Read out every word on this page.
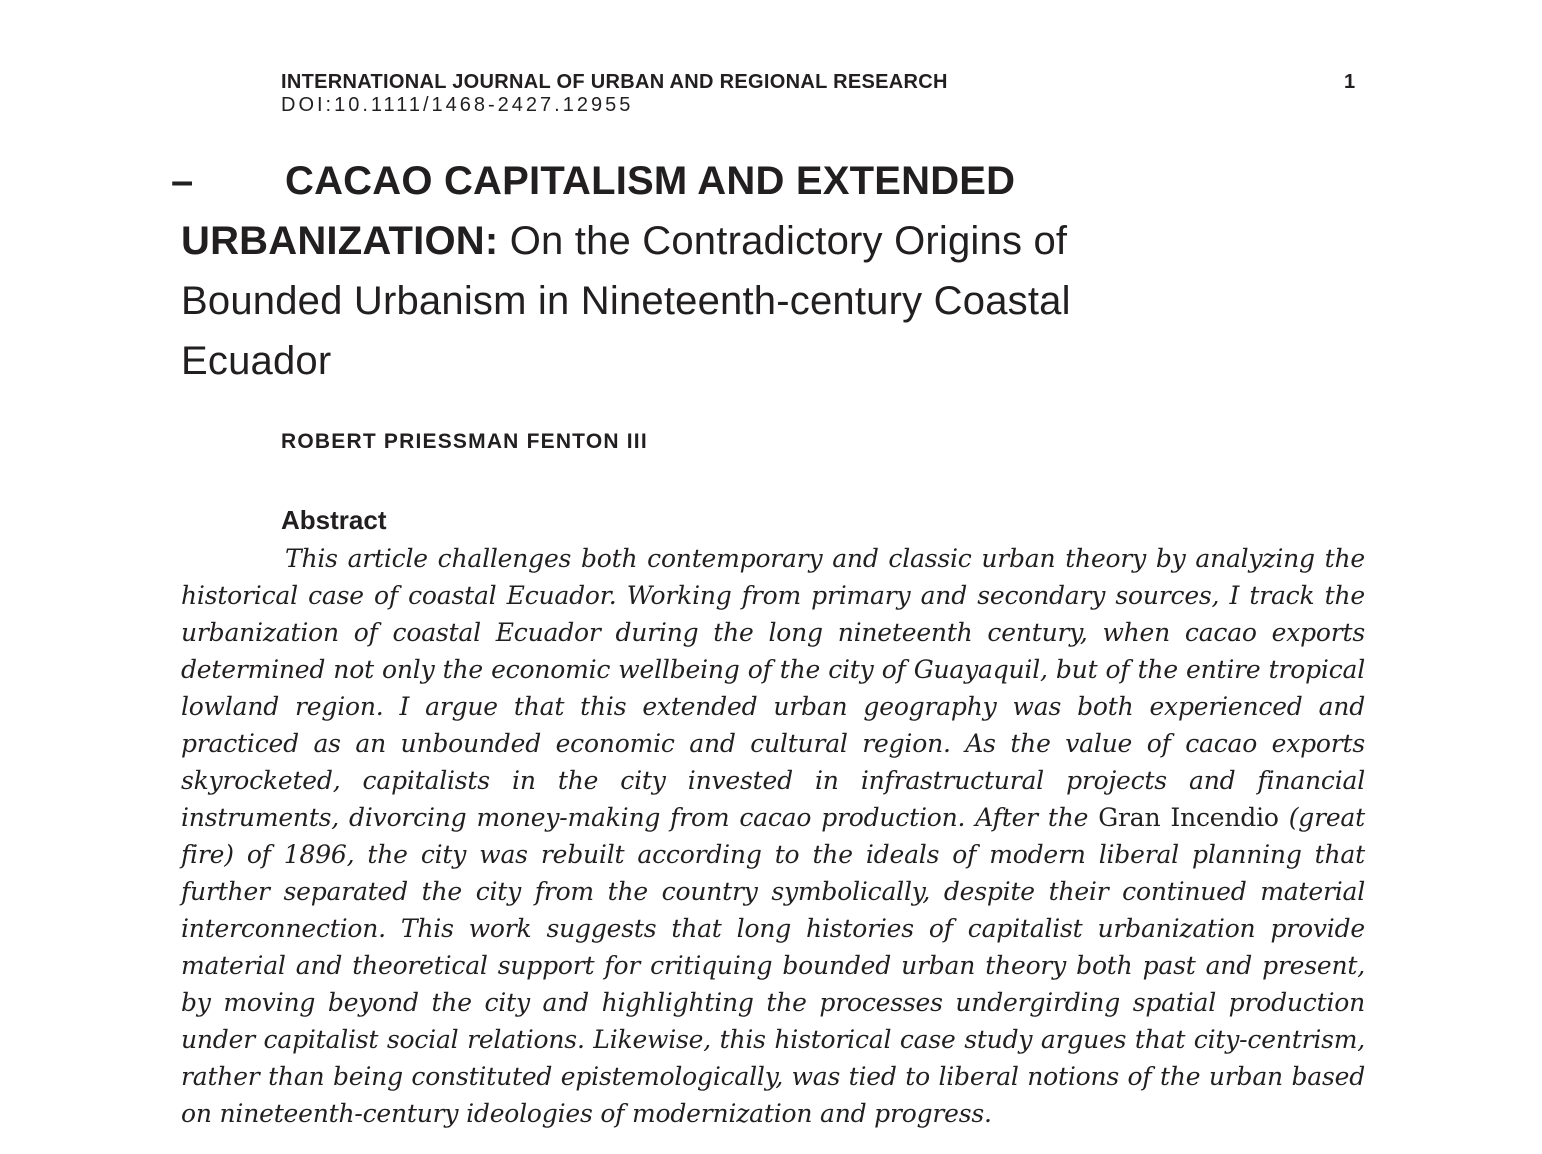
INTERNATIONAL JOURNAL OF URBAN AND REGIONAL RESEARCH	1
DOI:10.1111/1468-2427.12955
–	CACAO CAPITALISM AND EXTENDED
URBANIZATION: On the Contradictory Origins of
Bounded Urbanism in Nineteenth-century Coastal
Ecuador
ROBERT PRIESSMAN FENTON III
Abstract

This article challenges both contemporary and classic urban theory by analyzing the historical case of coastal Ecuador. Working from primary and secondary sources, I track the urbanization of coastal Ecuador during the long nineteenth century, when cacao exports determined not only the economic wellbeing of the city of Guayaquil, but of the entire tropical lowland region. I argue that this extended urban geography was both experienced and practiced as an unbounded economic and cultural region. As the value of cacao exports skyrocketed, capitalists in the city invested in infrastructural projects and financial instruments, divorcing money-making from cacao production. After the Gran Incendio (great fire) of 1896, the city was rebuilt according to the ideals of modern liberal planning that further separated the city from the country symbolically, despite their continued material interconnection. This work suggests that long histories of capitalist urbanization provide material and theoretical support for critiquing bounded urban theory both past and present, by moving beyond the city and highlighting the processes undergirding spatial production under capitalist social relations. Likewise, this historical case study argues that city-centrism, rather than being constituted epistemologically, was tied to liberal notions of the urban based on nineteenth-century ideologies of modernization and progress.
